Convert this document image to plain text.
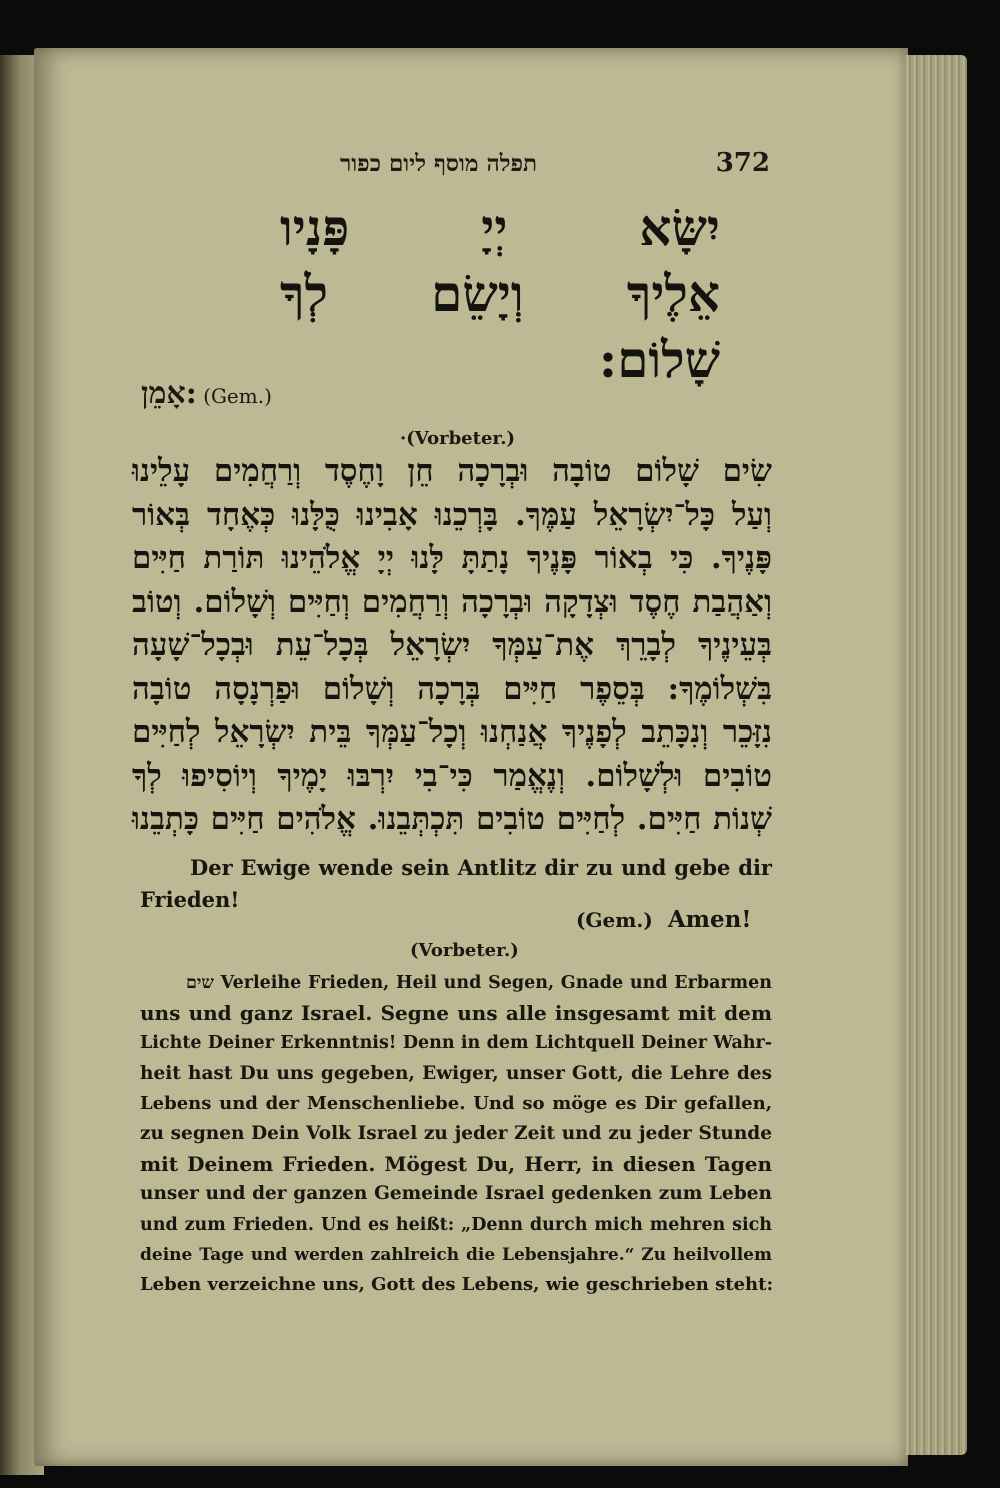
תפלה מוסף ליום כפור	372
יִשָּׂא
יְיָ
פָּנָיו
אֵלֶיךָ
וְיָשֵׂם
לְךָ
שָׁלוֹם:
אָמֵן: (Gem.)
·(Vorbeter.)
שִׂים שָׁלוֹם טוֹבָה וּבְרָכָה חֵן וָחֶסֶד וְרַחֲמִים עָלֵינוּ
וְעַל כָּל־יִשְׂרָאֵל עַמֶּךָ. בָּרְכֵנוּ אָבִינוּ כֻּלָּנוּ כְּאֶחָד בְּאוֹר
פָּנֶיךָ. כִּי בְאוֹר פָּנֶיךָ נָתַתָּ לָּנוּ יְיָ אֱלֹהֵינוּ תּוֹרַת חַיִּים
וְאַהֲבַת חֶסֶד וּצְדָקָה וּבְרָכָה וְרַחֲמִים וְחַיִּים וְשָׁלוֹם. וְטוֹב
בְּעֵינֶיךָ לְבָרֵךְ אֶת־עַמְּךָ יִשְׂרָאֵל בְּכָל־עֵת וּבְכָל־שָׁעָה
בִּשְׁלוֹמֶךָ: בְּסֵפֶר חַיִּים בְּרָכָה וְשָׁלוֹם וּפַרְנָסָה טוֹבָה
נִזָּכֵר וְנִכָּתֵב לְפָנֶיךָ אֲנַחְנוּ וְכָל־עַמְּךָ בֵּית יִשְׂרָאֵל לְחַיִּים
טוֹבִים וּלְשָׁלוֹם. וְנֶאֱמַר כִּי־בִי יִרְבּוּ יָמֶיךָ וְיוֹסִיפוּ לְךָ
שְׁנוֹת חַיִּים. לְחַיִּים טוֹבִים תִּכְתְּבֵנוּ. אֱלֹהִים חַיִּים כָּתְבֵנוּ
Der Ewige wende sein Antlitz dir zu und gebe dir
Frieden!
(Gem.) Amen!
(Vorbeter.)
שים Verleihe Frieden, Heil und Segen, Gnade und Erbarmen
uns und ganz Israel. Segne uns alle insgesamt mit dem
Lichte Deiner Erkenntnis! Denn in dem Lichtquell Deiner Wahr-
heit hast Du uns gegeben, Ewiger, unser Gott, die Lehre des
Lebens und der Menschenliebe. Und so möge es Dir gefallen,
zu segnen Dein Volk Israel zu jeder Zeit und zu jeder Stunde
mit Deinem Frieden. Mögest Du, Herr, in diesen Tagen
unser und der ganzen Gemeinde Israel gedenken zum Leben
und zum Frieden. Und es heißt: „Denn durch mich mehren sich
deine Tage und werden zahlreich die Lebensjahre.“ Zu heilvollem
Leben verzeichne uns, Gott des Lebens, wie geschrieben steht:
